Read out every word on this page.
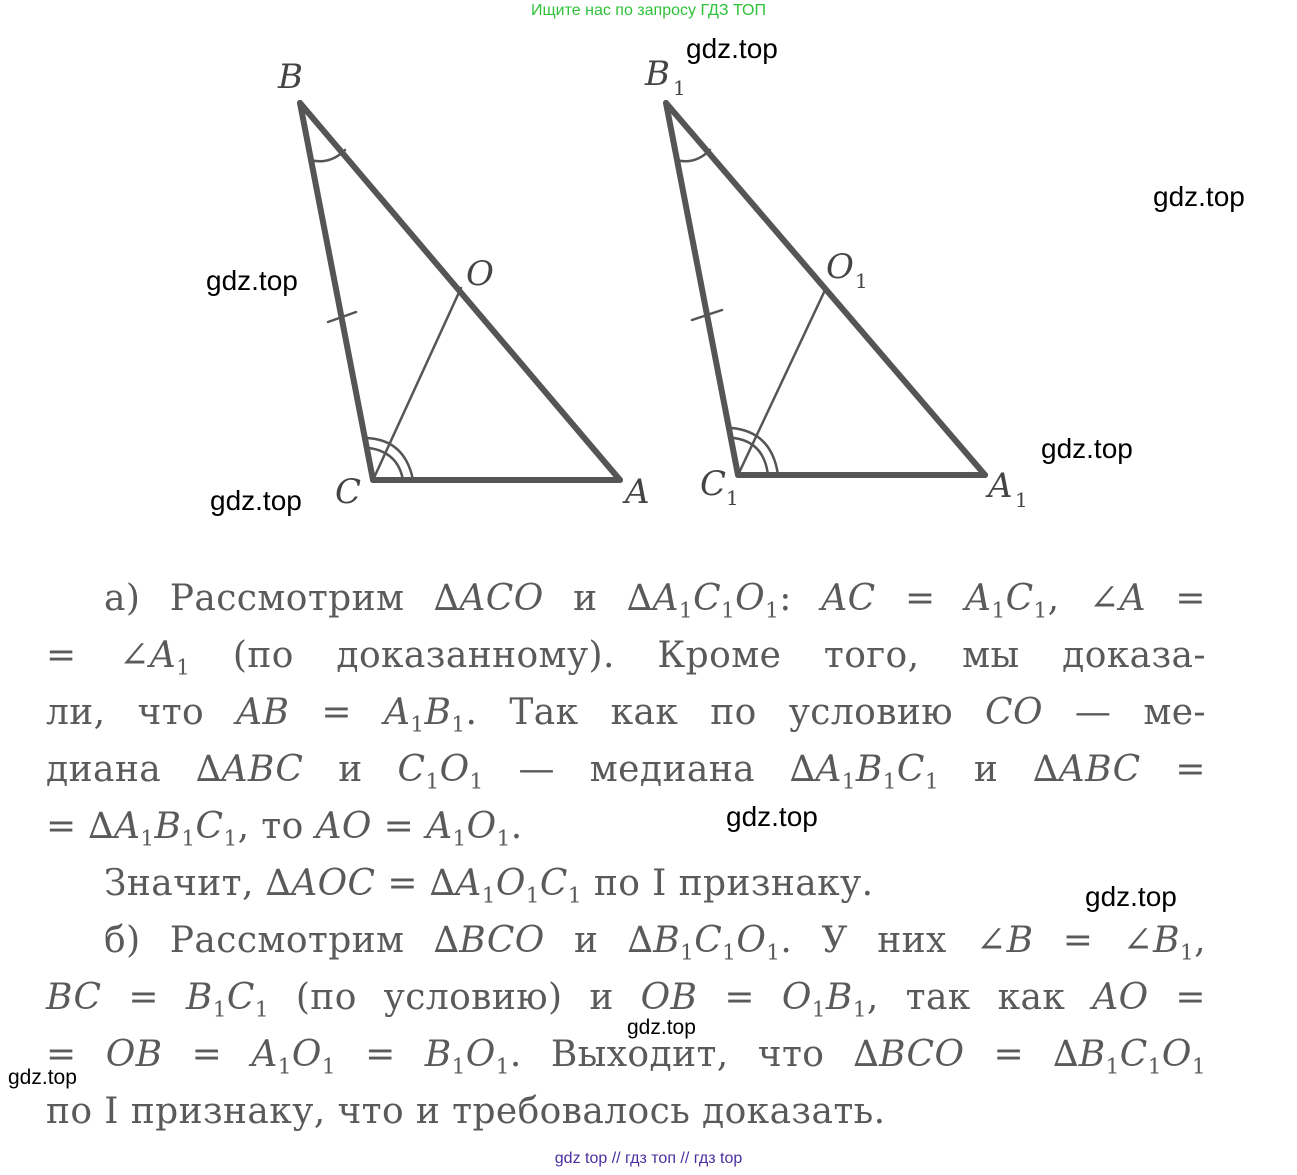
Ищите нас по запросу ГДЗ ТОП
B
O
C	A
B 1
O 1
C 1	A 1
а) Рассмотрим ∆ACO и $\Delta A_1C_1O_1$: AC = $A_1C_1$, ∠A =
= $\angle A_1$ (по доказанному). Кроме того, мы доказа-
ли, что AB = $A_1B_1$. Так как по условию CO — ме-
диана ∆ABC и $C_1O_1$ — медиана $\Delta A_1B_1C_1$ и ∆ABC =
= $\Delta A_1B_1C_1$, то AO = $A_1O_1$.
Значит, $\Delta AOC = \Delta A_1O_1C_1$ по I признаку.
б) Рассмотрим ∆BCO и $\Delta B_1C_1O_1$. У них ∠B = $\angle B_1$,
BC = $B_1C_1$ (по условию) и OB = $O_1B_1$, так как AO =
= OB = $A_1O_1 = B_1O_1$. Выходит, что $\Delta BCO = \Delta B_1C_1O_1$
по I признаку, что и требовалось доказать.
gdz.top
gdz.top
gdz.top
gdz.top
gdz.top
gdz.top
gdz.top
gdz.top
gdz.top
gdz top // гдз топ // гдз top
